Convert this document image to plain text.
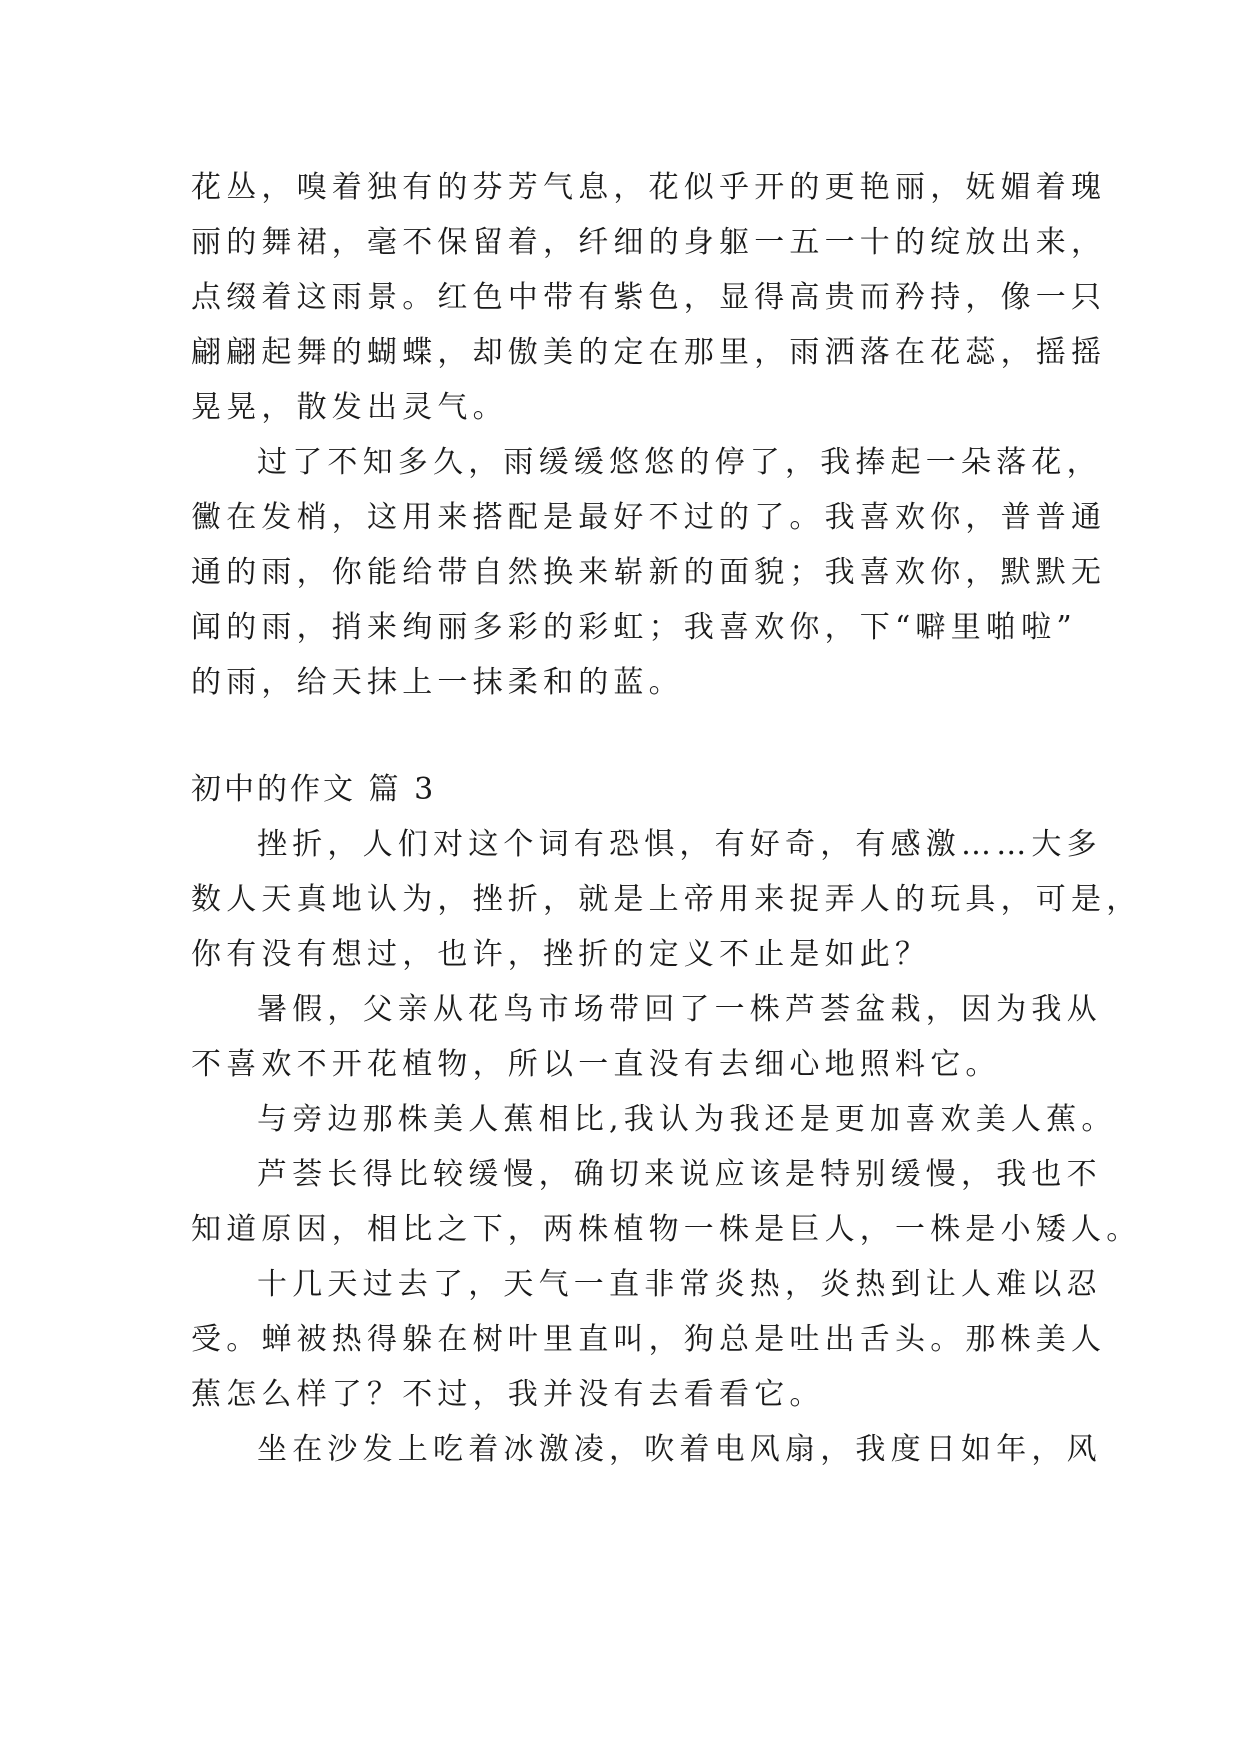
花丛，嗅着独有的芬芳气息，花似乎开的更艳丽，妩媚着瑰
丽的舞裙，毫不保留着，纤细的身躯一五一十的绽放出来，
点缀着这雨景。红色中带有紫色，显得高贵而矜持，像一只
翩翩起舞的蝴蝶，却傲美的定在那里，雨洒落在花蕊，摇摇
晃晃，散发出灵气。
过了不知多久，雨缓缓悠悠的停了，我捧起一朵落花，
黴在发梢，这用来搭配是最好不过的了。我喜欢你，普普通
通的雨，你能给带自然换来崭新的面貌；我喜欢你，默默无
闻的雨，捎来绚丽多彩的彩虹；我喜欢你，下“噼里啪啦”
的雨，给天抹上一抹柔和的蓝。
初中的作文 篇 3
挫折，人们对这个词有恐惧，有好奇，有感激……大多
数人天真地认为，挫折，就是上帝用来捉弄人的玩具，可是，
你有没有想过，也许，挫折的定义不止是如此？
暑假，父亲从花鸟市场带回了一株芦荟盆栽，因为我从
不喜欢不开花植物，所以一直没有去细心地照料它。
与旁边那株美人蕉相比,我认为我还是更加喜欢美人蕉。
芦荟长得比较缓慢，确切来说应该是特别缓慢，我也不
知道原因，相比之下，两株植物一株是巨人，一株是小矮人。
十几天过去了，天气一直非常炎热，炎热到让人难以忍
受。蝉被热得躲在树叶里直叫，狗总是吐出舌头。那株美人
蕉怎么样了？不过，我并没有去看看它。
坐在沙发上吃着冰激凌，吹着电风扇，我度日如年，风
